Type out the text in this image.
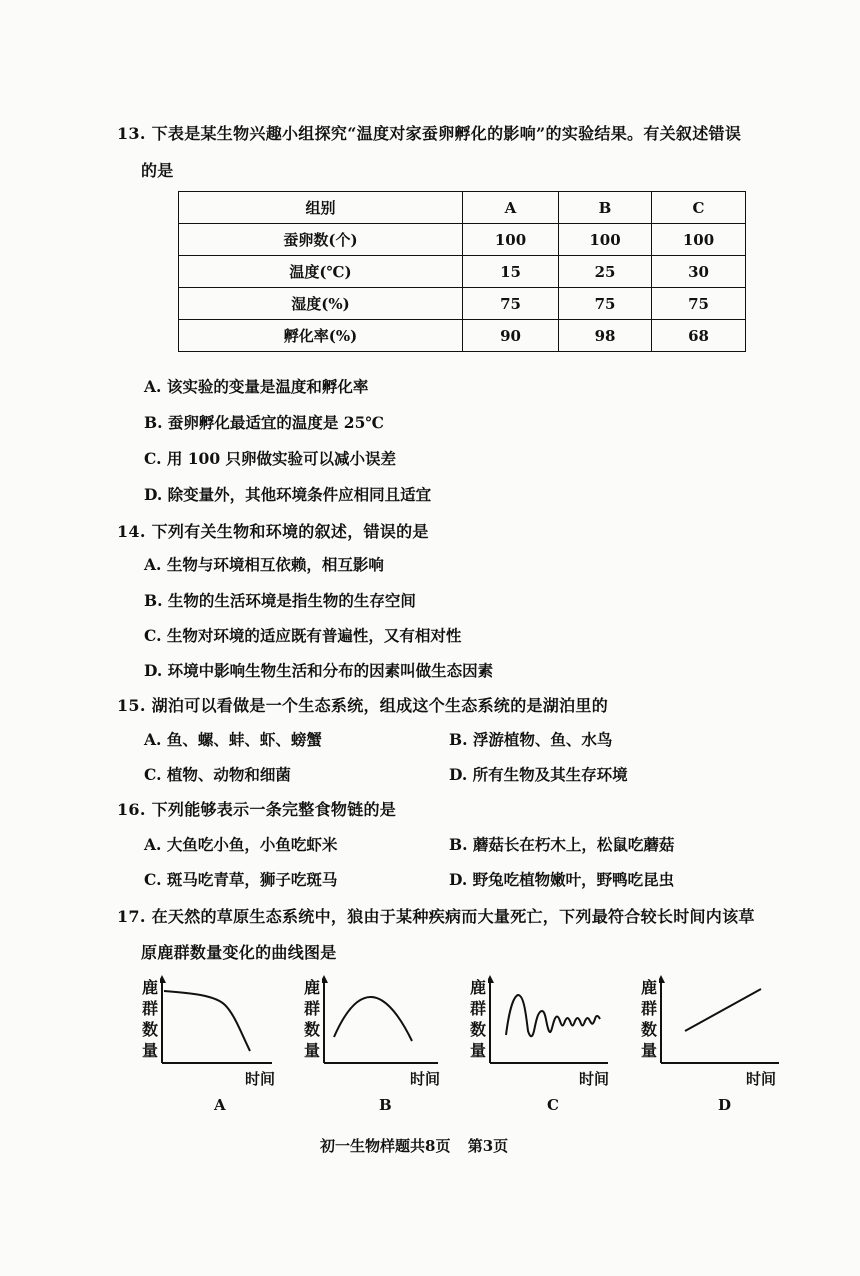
13. 下表是某生物兴趣小组探究“温度对家蚕卵孵化的影响”的实验结果。有关叙述错误
的是
组别	A	B	C
蚕卵数(个)	100	100	100
温度(℃)	15	25	30
湿度(%)	75	75	75
孵化率(%)	90	98	68
A. 该实验的变量是温度和孵化率
B. 蚕卵孵化最适宜的温度是 25℃
C. 用 100 只卵做实验可以减小误差
D. 除变量外，其他环境条件应相同且适宜
14. 下列有关生物和环境的叙述，错误的是
A. 生物与环境相互依赖，相互影响
B. 生物的生活环境是指生物的生存空间
C. 生物对环境的适应既有普遍性，又有相对性
D. 环境中影响生物生活和分布的因素叫做生态因素
15. 湖泊可以看做是一个生态系统，组成这个生态系统的是湖泊里的
A. 鱼、螺、蚌、虾、螃蟹	B. 浮游植物、鱼、水鸟
C. 植物、动物和细菌	D. 所有生物及其生存环境
16. 下列能够表示一条完整食物链的是
A. 大鱼吃小鱼，小鱼吃虾米	B. 蘑菇长在朽木上，松鼠吃蘑菇
C. 斑马吃青草，狮子吃斑马	D. 野兔吃植物嫩叶，野鸭吃昆虫
17. 在天然的草原生态系统中，狼由于某种疾病而大量死亡，下列最符合较长时间内该草
原鹿群数量变化的曲线图是
鹿群数量
时间
A
鹿群数量
时间
B
鹿群数量
时间
C
鹿群数量
时间
D
初一生物样题共8页 第3页
